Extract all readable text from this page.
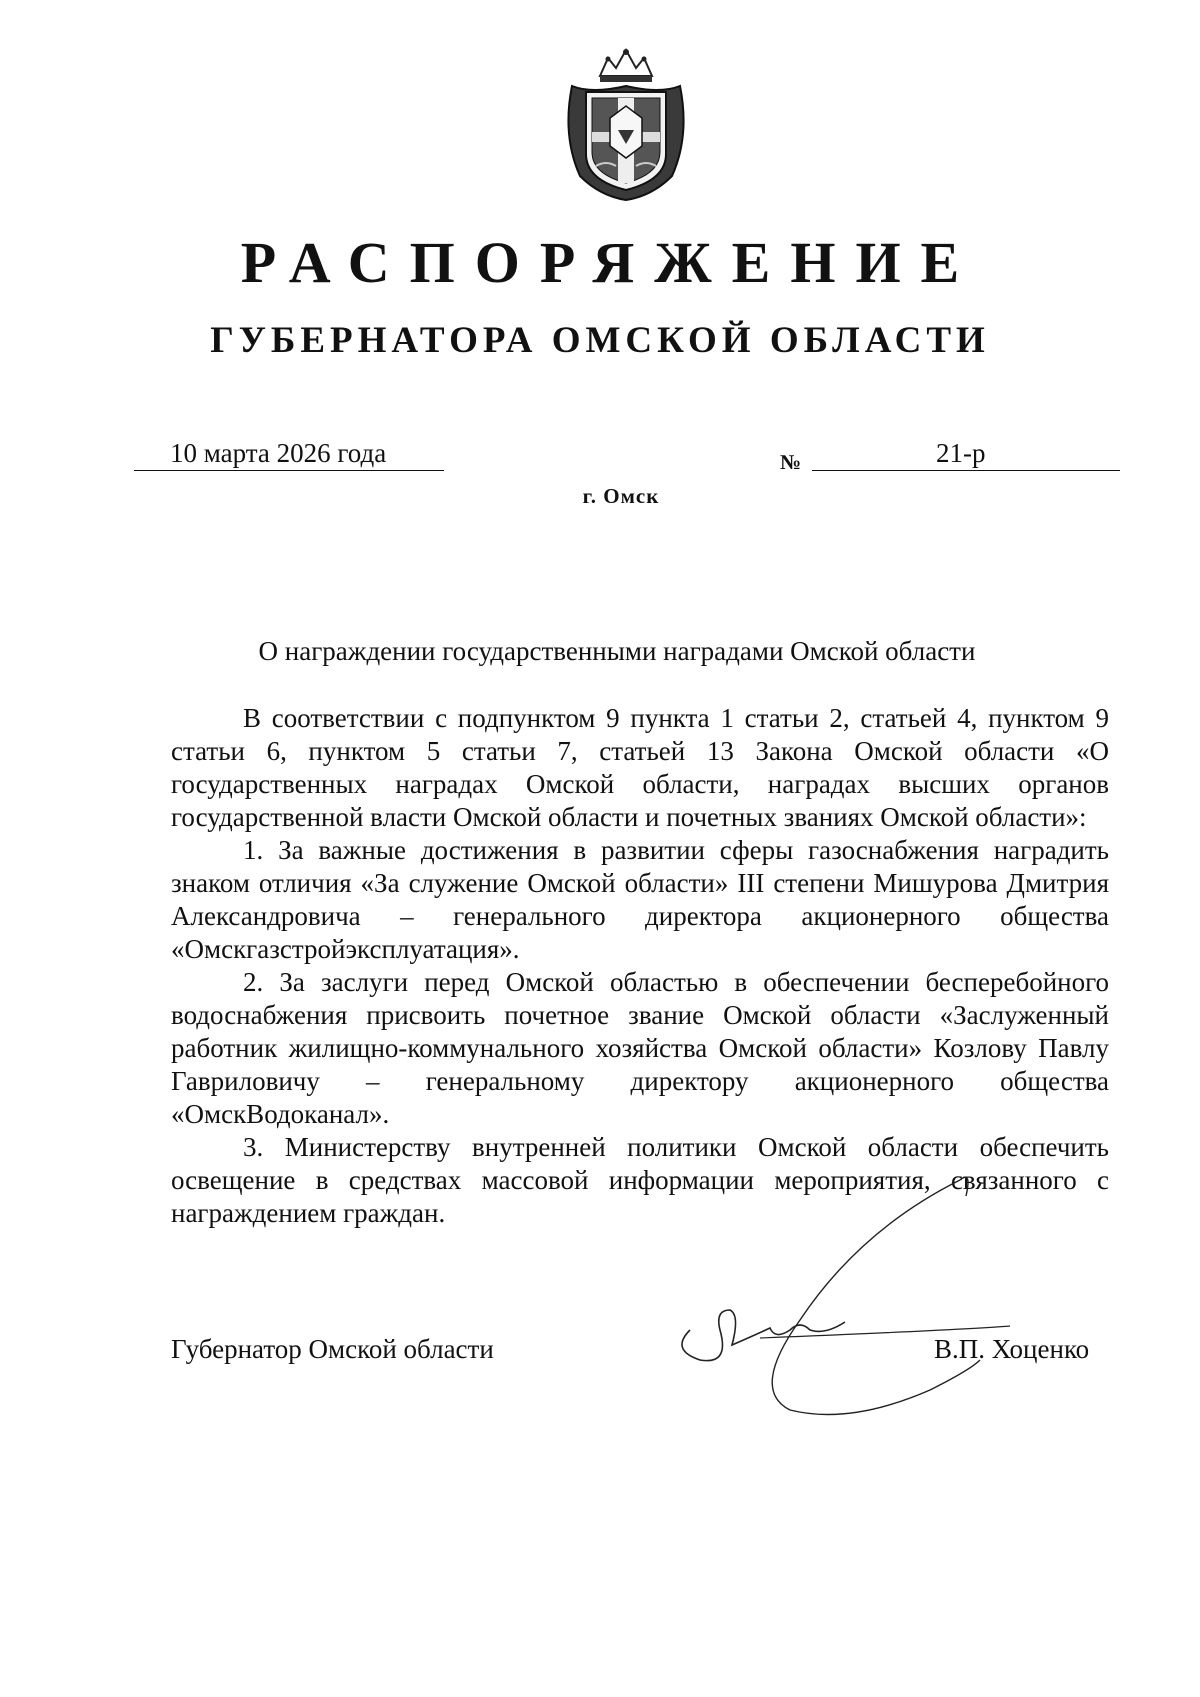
РАСПОРЯЖЕНИЕ
ГУБЕРНАТОРА ОМСКОЙ ОБЛАСТИ
10 марта 2026 года	№	21-р
г. Омск
О награждении государственными наградами Омской области

В соответствии с подпунктом 9 пункта 1 статьи 2, статьей 4, пунктом 9 статьи 6, пунктом 5 статьи 7, статьей 13 Закона Омской области «О государственных наградах Омской области, наградах высших органов государственной власти Омской области и почетных званиях Омской области»:

1. За важные достижения в развитии сферы газоснабжения наградить знаком отличия «За служение Омской области» III степени Мишурова Дмитрия Александровича – генерального директора акционерного общества «Омскгазстройэксплуатация».

2. За заслуги перед Омской областью в обеспечении бесперебойного водоснабжения присвоить почетное звание Омской области «Заслуженный работник жилищно-коммунального хозяйства Омской области» Козлову Павлу Гавриловичу – генеральному директору акционерного общества «ОмскВодоканал».

3. Министерству внутренней политики Омской области обеспечить освещение в средствах массовой информации мероприятия, связанного с награждением граждан.

Губернатор Омской области	В.П. Хоценко
